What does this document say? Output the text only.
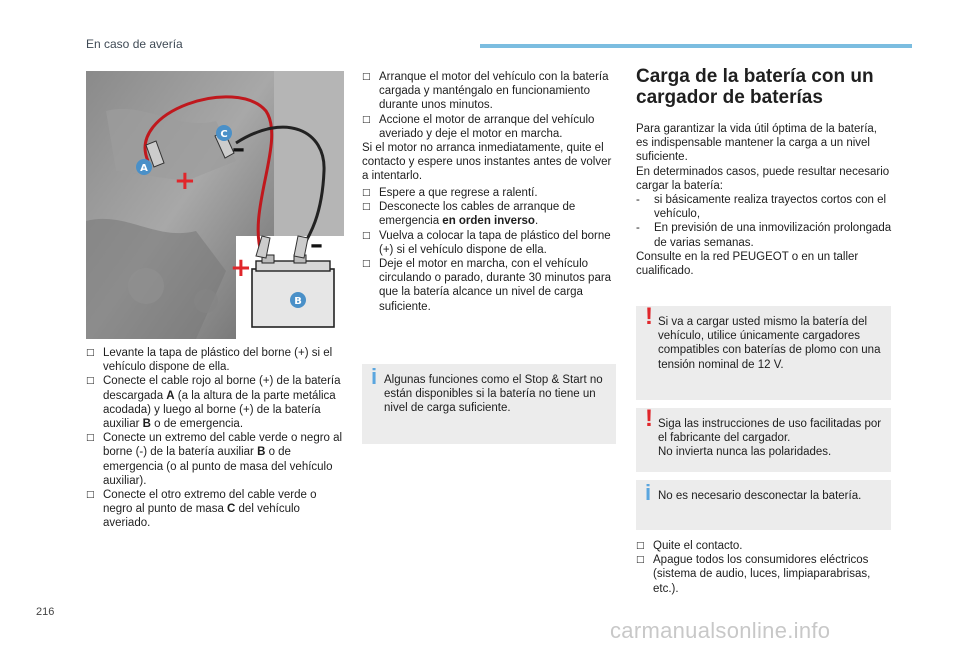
En caso de avería
+
–
+
–
A
C
B
□ Levante la tapa de plástico del borne (+) si el vehículo dispone de ella.
□ Conecte el cable rojo al borne (+) de la batería descargada A (a la altura de la parte metálica acodada) y luego al borne (+) de la batería auxiliar B o de emergencia.
□ Conecte un extremo del cable verde o negro al borne (-) de la batería auxiliar B o de emergencia (o al punto de masa del vehículo auxiliar).
□ Conecte el otro extremo del cable verde o negro al punto de masa C del vehículo averiado.
□ Arranque el motor del vehículo con la batería cargada y manténgalo en funcionamiento durante unos minutos.
□ Accione el motor de arranque del vehículo averiado y deje el motor en marcha.

Si el motor no arranca inmediatamente, quite el contacto y espere unos instantes antes de volver a intentarlo.

□ Espere a que regrese a ralentí.
□ Desconecte los cables de arranque de emergencia en orden inverso.
□ Vuelva a colocar la tapa de plástico del borne (+) si el vehículo dispone de ella.
□ Deje el motor en marcha, con el vehículo circulando o parado, durante 30 minutos para que la batería alcance un nivel de carga suficiente.
i Algunas funciones como el Stop & Start no están disponibles si la batería no tiene un nivel de carga suficiente.
Carga de la batería con un
cargador de baterías

Para garantizar la vida útil óptima de la batería, es indispensable mantener la carga a un nivel suficiente.

En determinados casos, puede resultar necesario cargar la batería:

- si básicamente realiza trayectos cortos con el vehículo,
- En previsión de una inmovilización prolongada de varias semanas.

Consulte en la red PEUGEOT o en un taller cualificado.

! Si va a cargar usted mismo la batería del vehículo, utilice únicamente cargadores compatibles con baterías de plomo con una tensión nominal de 12 V.
! Siga las instrucciones de uso facilitadas por el fabricante del cargador.
No invierta nunca las polaridades.
i No es necesario desconectar la batería.
□ Quite el contacto.
□ Apague todos los consumidores eléctricos (sistema de audio, luces, limpiaparabrisas, etc.).
216
carmanualsonline.info
